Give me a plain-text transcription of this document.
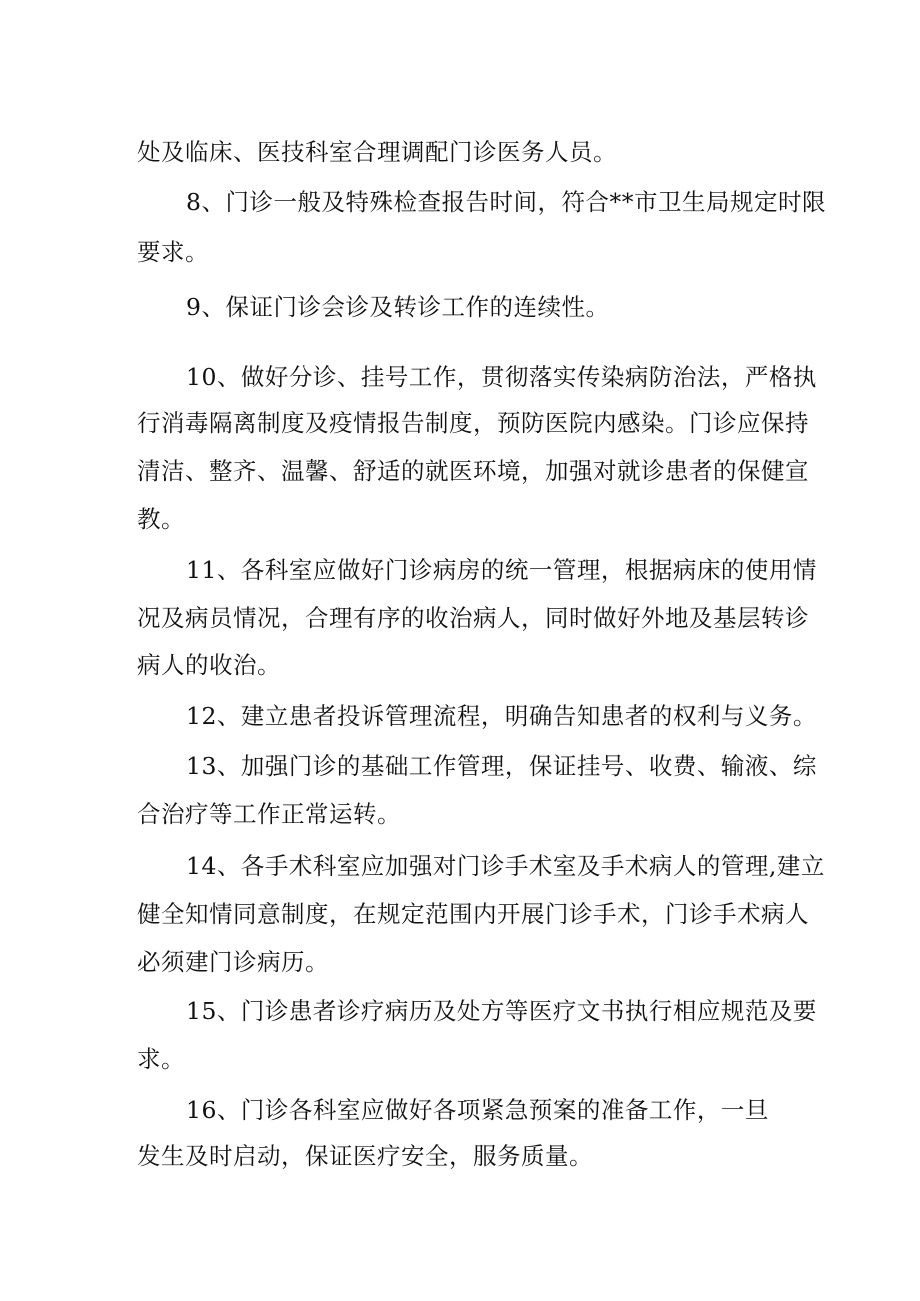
处及临床、医技科室合理调配门诊医务人员。
8、门诊一般及特殊检查报告时间，符合**市卫生局规定时限
要求。
9、保证门诊会诊及转诊工作的连续性。
10、做好分诊、挂号工作，贯彻落实传染病防治法，严格执
行消毒隔离制度及疫情报告制度，预防医院内感染。门诊应保持
清洁、整齐、温馨、舒适的就医环境，加强对就诊患者的保健宣
教。
11、各科室应做好门诊病房的统一管理，根据病床的使用情
况及病员情况，合理有序的收治病人，同时做好外地及基层转诊
病人的收治。
12、建立患者投诉管理流程，明确告知患者的权利与义务。
13、加强门诊的基础工作管理，保证挂号、收费、输液、综
合治疗等工作正常运转。
14、各手术科室应加强对门诊手术室及手术病人的管理,建立
健全知情同意制度，在规定范围内开展门诊手术，门诊手术病人
必须建门诊病历。
15、门诊患者诊疗病历及处方等医疗文书执行相应规范及要
求。
16、门诊各科室应做好各项紧急预案的准备工作，一旦
发生及时启动，保证医疗安全，服务质量。
